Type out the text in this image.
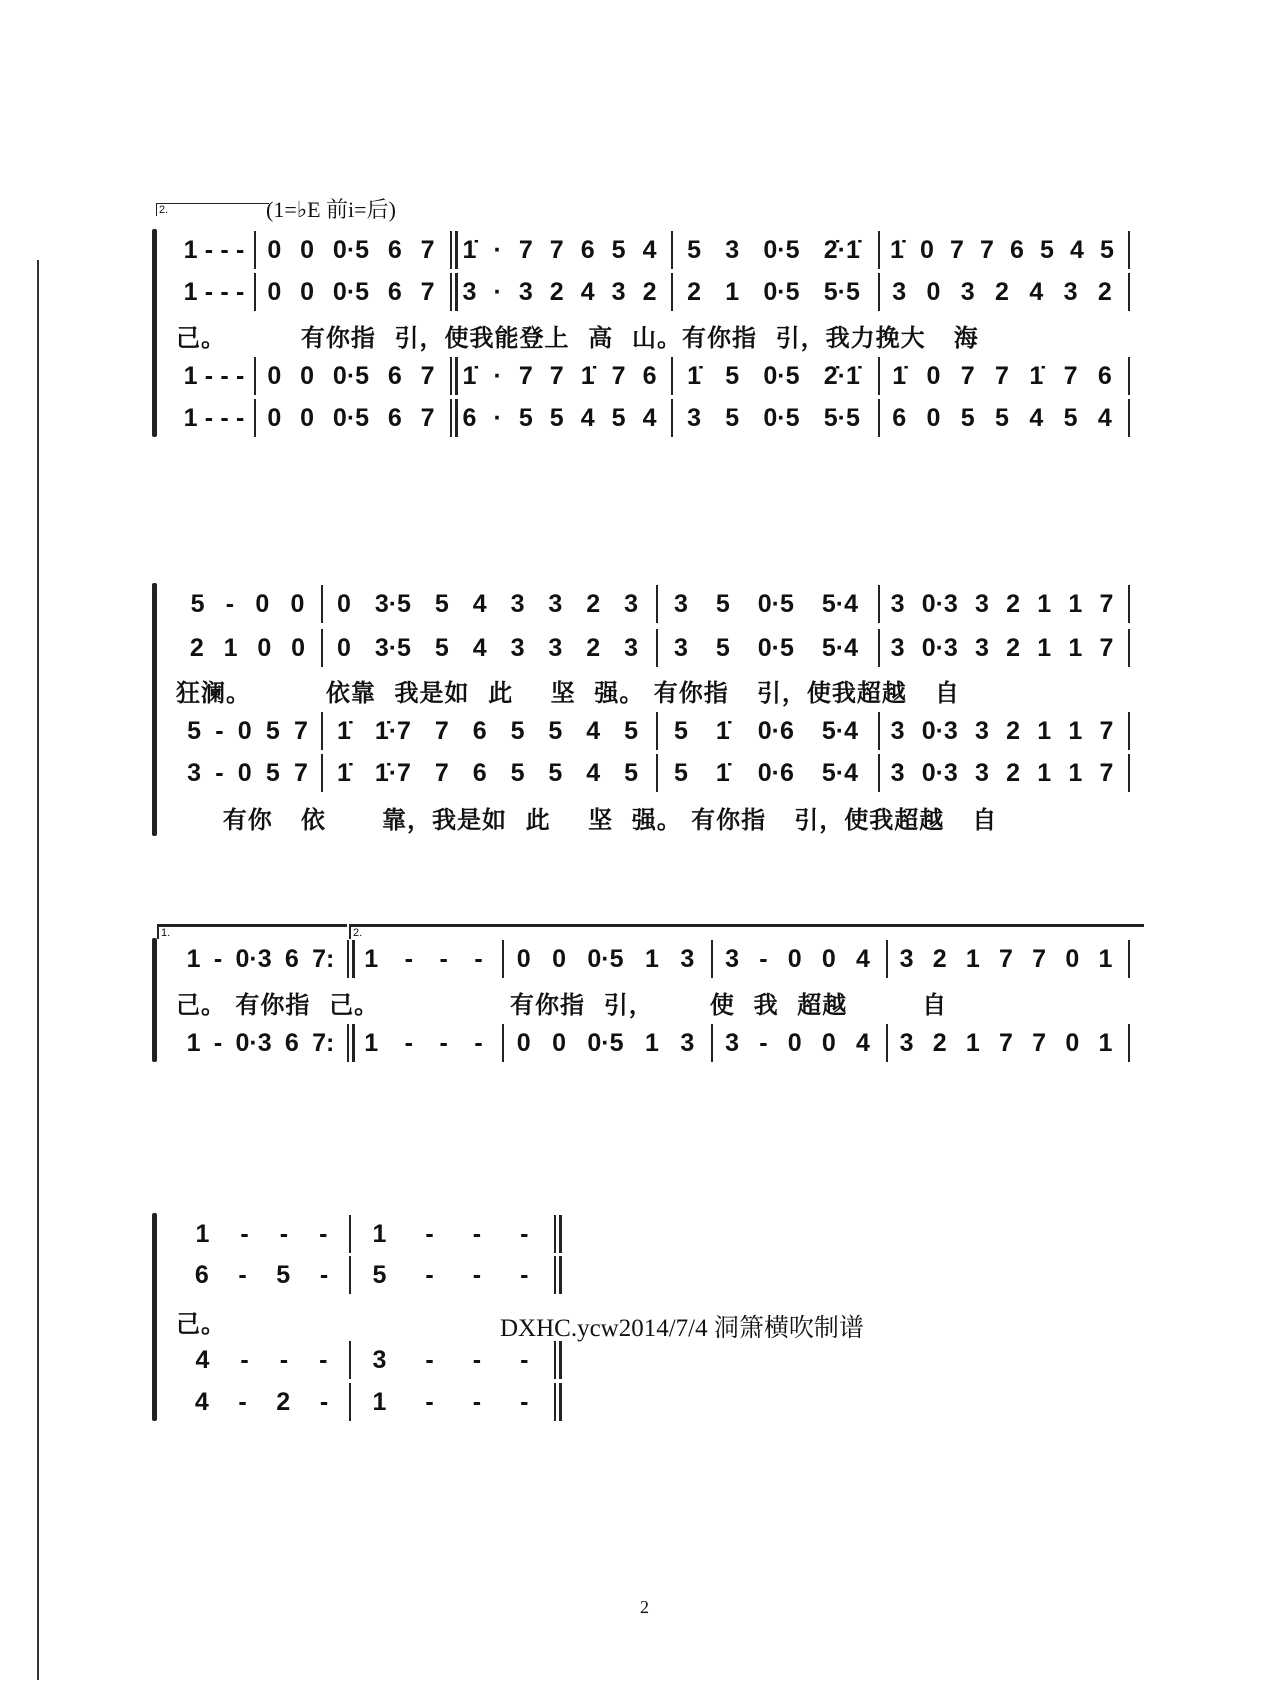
2.	(1=♭E 前i=后)
1 - - - 0 0 0·5 6 7 1̇ · 7 7 6 5 4 5 3 0·5 2̇·1̇ 1̇ 0 7 7 6 5 4 5
1 - - - 0 0 0·5 6 7 3 · 3 2 4 3 2 2 1 0·5 5·5 3 0 3 2 4 3 2
己。        有你指  引，使我能登上  高  山。有你指  引，我力挽大   海
1 - - - 0 0 0·5 6 7 1̇ · 7 7 1̇ 7 6 1̇ 5 0·5 2̇·1̇ 1̇ 0 7 7 1̇ 7 6
1 - - - 0 0 0·5 6 7 6 · 5 5 4 5 4 3 5 0·5 5·5 6 0 5 5 4 5 4
5 - 0 0 0 3·5 5 4 3 3 2 3 3 5 0·5 5·4 3 0·3 3 2 1 1 7
2 1 0 0 0 3·5 5 4 3 3 2 3 3 5 0·5 5·4 3 0·3 3 2 1 1 7
狂澜。        依靠  我是如  此    坚  强。 有你指   引，使我超越   自
5 - 0 5 7 1̇ 1̇·7 7 6 5 5 4 5 5 1̇ 0·6 5·4 3 0·3 3 2 1 1 7
3 - 0 5 7 1̇ 1̇·7 7 6 5 5 4 5 5 1̇ 0·6 5·4 3 0·3 3 2 1 1 7
有你   依      靠，我是如  此    坚  强。 有你指   引，使我超越   自
1.	2.
1 - 0·3 6 7: 1 - - - 0 0 0·5 1 3 3 - 0 0 4 3 2 1 7 7 0 1
己。 有你指  己。              有你指  引，      使  我  超越        自
1 - 0·3 6 7: 1 - - - 0 0 0·5 1 3 3 - 0 0 4 3 2 1 7 7 0 1
1 - - - 1 - - -
6 - 5 - 5 - - -
己。
4 - - - 3 - - -
4 - 2 - 1 - - -
DXHC.ycw2014/7/4 洞箫横吹制谱
2
